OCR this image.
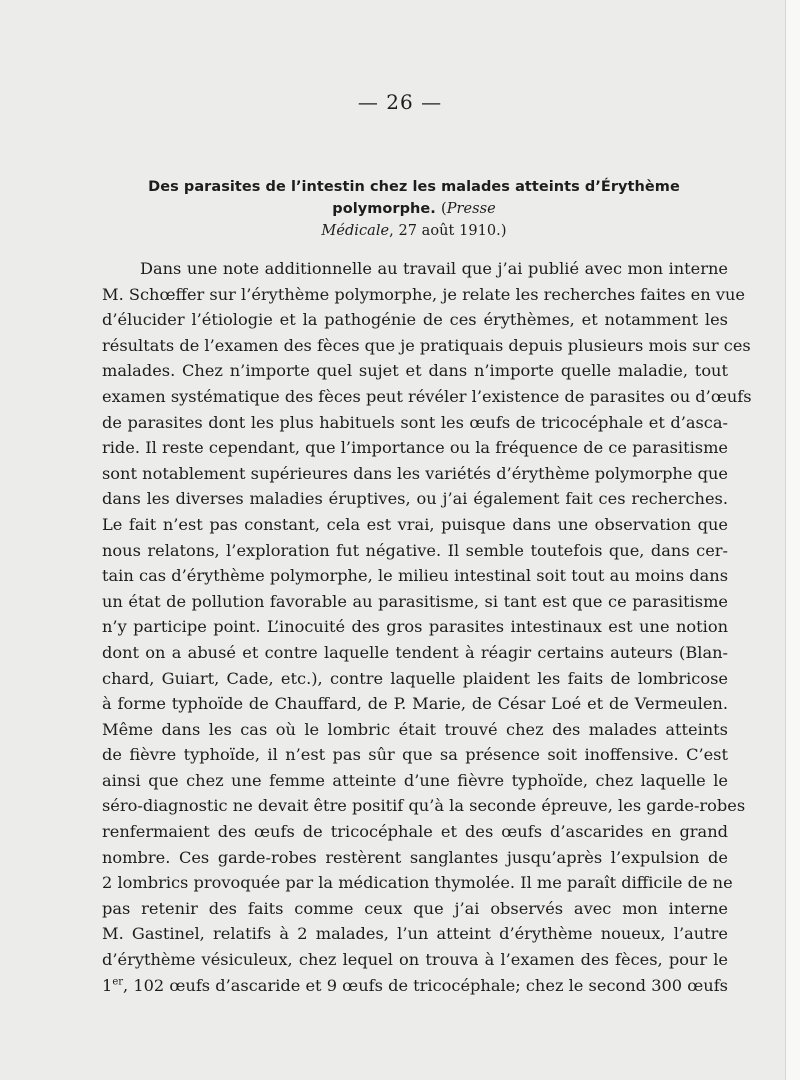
— 26 —
Des parasites de l’intestin chez les malades atteints d’Érythème polymorphe. (Presse
Médicale, 27 août 1910.)
Dans une note additionnelle au travail que j’ai publié avec mon interne
M. Schœffer sur l’érythème polymorphe, je relate les recherches faites en vue
d’élucider l’étiologie et la pathogénie de ces érythèmes, et notamment les
résultats de l’examen des fèces que je pratiquais depuis plusieurs mois sur ces
malades. Chez n’importe quel sujet et dans n’importe quelle maladie, tout
examen systématique des fèces peut révéler l’existence de parasites ou d’œufs
de parasites dont les plus habituels sont les œufs de tricocéphale et d’asca-
ride. Il reste cependant, que l’importance ou la fréquence de ce parasitisme
sont notablement supérieures dans les variétés d’érythème polymorphe que
dans les diverses maladies éruptives, ou j’ai également fait ces recherches.
Le fait n’est pas constant, cela est vrai, puisque dans une observation que
nous relatons, l’exploration fut négative. Il semble toutefois que, dans cer-
tain cas d’érythème polymorphe, le milieu intestinal soit tout au moins dans
un état de pollution favorable au parasitisme, si tant est que ce parasitisme
n’y participe point. L’inocuité des gros parasites intestinaux est une notion
dont on a abusé et contre laquelle tendent à réagir certains auteurs (Blan-
chard, Guiart, Cade, etc.), contre laquelle plaident les faits de lombricose
à forme typhoïde de Chauffard, de P. Marie, de César Loé et de Vermeulen.
Même dans les cas où le lombric était trouvé chez des malades atteints
de fièvre typhoïde, il n’est pas sûr que sa présence soit inoffensive. C’est
ainsi que chez une femme atteinte d’une fièvre typhoïde, chez laquelle le
séro-diagnostic ne devait être positif qu’à la seconde épreuve, les garde-robes
renfermaient des œufs de tricocéphale et des œufs d’ascarides en grand
nombre. Ces garde-robes restèrent sanglantes jusqu’après l’expulsion de
2 lombrics provoquée par la médication thymolée. Il me paraît difficile de ne
pas retenir des faits comme ceux que j’ai observés avec mon interne
M. Gastinel, relatifs à 2 malades, l’un atteint d’érythème noueux, l’autre
d’érythème vésiculeux, chez lequel on trouva à l’examen des fèces, pour le
1er, 102 œufs d’ascaride et 9 œufs de tricocéphale; chez le second 300 œufs
